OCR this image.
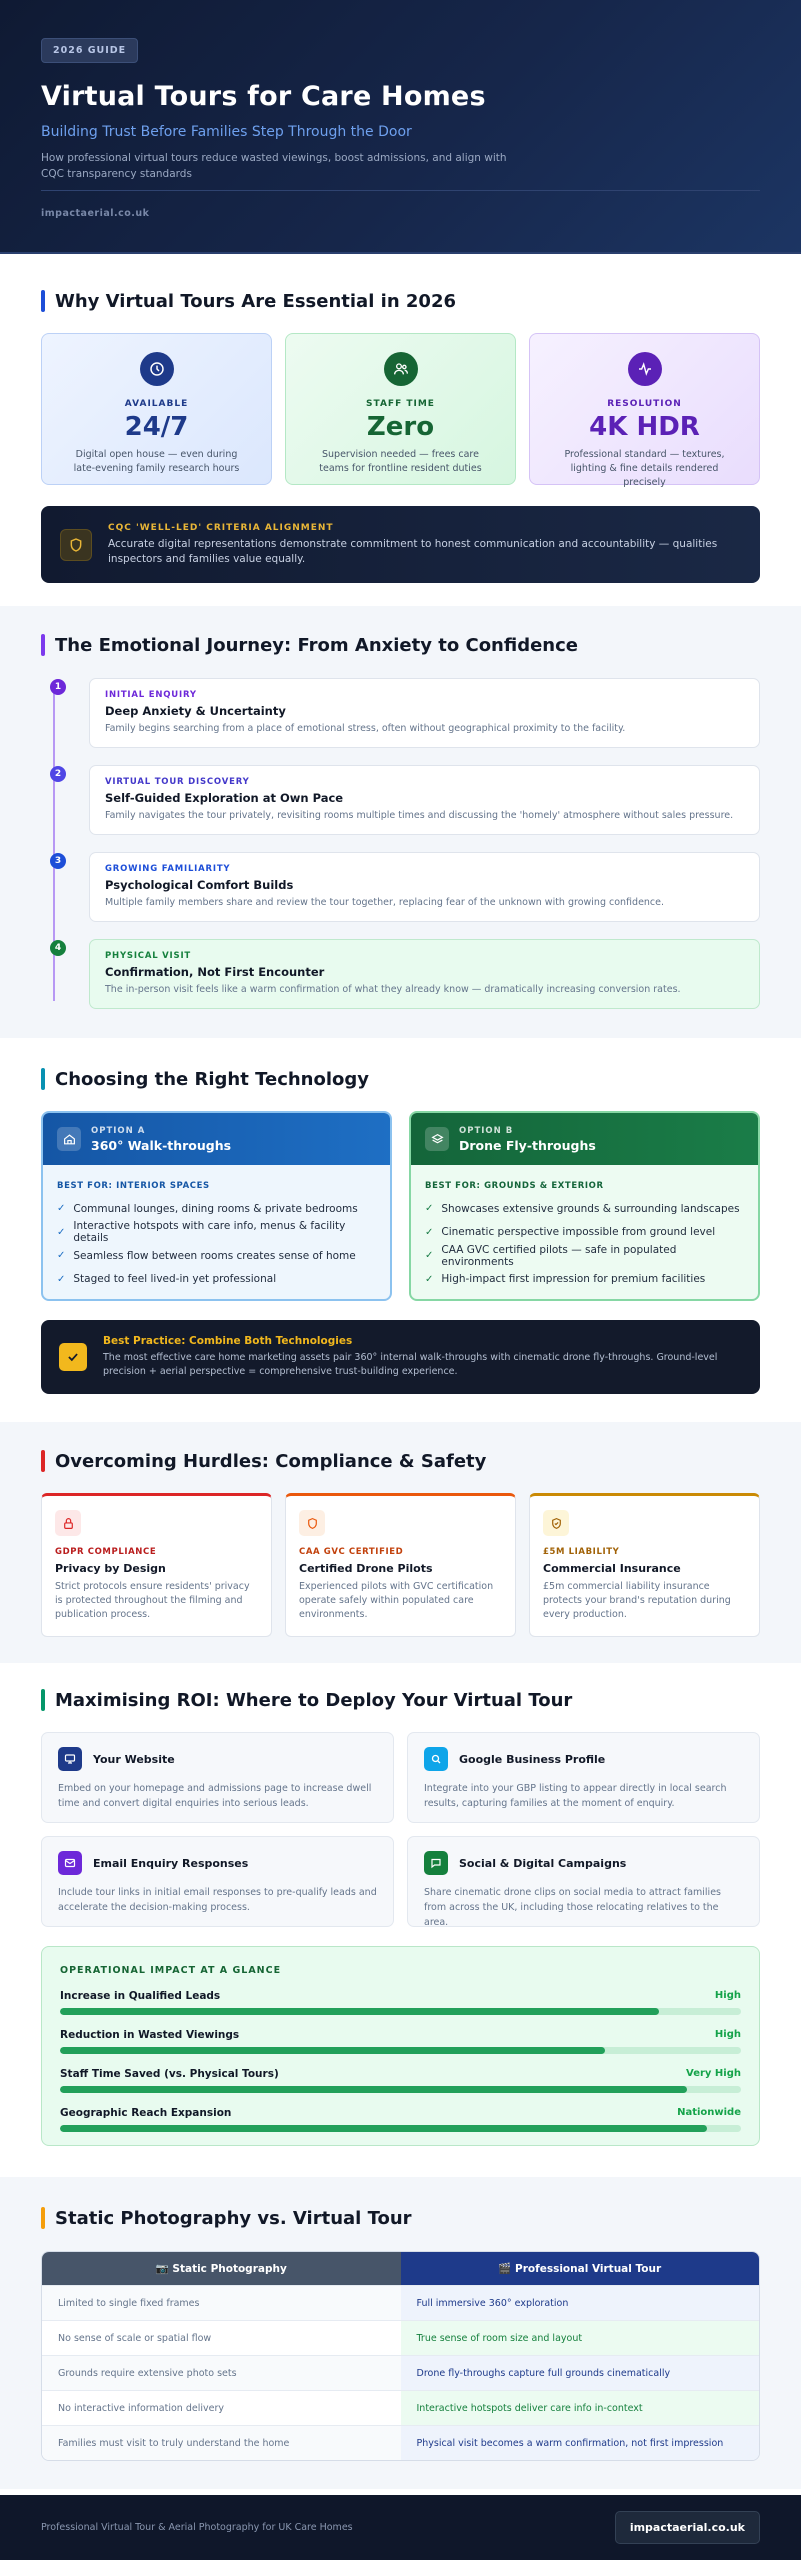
2026 GUIDE
Virtual Tours for Care Homes
Building Trust Before Families Step Through the Door
How professional virtual tours reduce wasted viewings, boost admissions, and align with CQC transparency standards
impactaerial.co.uk
Why Virtual Tours Are Essential in 2026
AVAILABLE
24/7
Digital open house — even during late-evening family research hours
STAFF TIME
Zero
Supervision needed — frees care teams for frontline resident duties
RESOLUTION
4K HDR
Professional standard — textures, lighting & fine details rendered precisely
CQC 'WELL-LED' CRITERIA ALIGNMENT
Accurate digital representations demonstrate commitment to honest communication and accountability — qualities inspectors and families value equally.
The Emotional Journey: From Anxiety to Confidence
1
INITIAL ENQUIRY
Deep Anxiety & Uncertainty
Family begins searching from a place of emotional stress, often without geographical proximity to the facility.
2
VIRTUAL TOUR DISCOVERY
Self-Guided Exploration at Own Pace
Family navigates the tour privately, revisiting rooms multiple times and discussing the 'homely' atmosphere without sales pressure.
3
GROWING FAMILIARITY
Psychological Comfort Builds
Multiple family members share and review the tour together, replacing fear of the unknown with growing confidence.
4
PHYSICAL VISIT
Confirmation, Not First Encounter
The in-person visit feels like a warm confirmation of what they already know — dramatically increasing conversion rates.
Choosing the Right Technology
OPTION A
360° Walk-throughs
BEST FOR: INTERIOR SPACES
✓ Communal lounges, dining rooms & private bedrooms
✓ Interactive hotspots with care info, menus & facility details
✓ Seamless flow between rooms creates sense of home
✓ Staged to feel lived-in yet professional
OPTION B
Drone Fly-throughs
BEST FOR: GROUNDS & EXTERIOR
✓ Showcases extensive grounds & surrounding landscapes
✓ Cinematic perspective impossible from ground level
✓ CAA GVC certified pilots — safe in populated environments
✓ High-impact first impression for premium facilities
Best Practice: Combine Both Technologies
The most effective care home marketing assets pair 360° internal walk-throughs with cinematic drone fly-throughs. Ground-level precision + aerial perspective = comprehensive trust-building experience.
Overcoming Hurdles: Compliance & Safety
GDPR COMPLIANCE
Privacy by Design
Strict protocols ensure residents' privacy is protected throughout the filming and publication process.
CAA GVC CERTIFIED
Certified Drone Pilots
Experienced pilots with GVC certification operate safely within populated care environments.
£5M LIABILITY
Commercial Insurance
£5m commercial liability insurance protects your brand's reputation during every production.
Maximising ROI: Where to Deploy Your Virtual Tour
Your Website
Embed on your homepage and admissions page to increase dwell time and convert digital enquiries into serious leads.
Google Business Profile
Integrate into your GBP listing to appear directly in local search results, capturing families at the moment of enquiry.
Email Enquiry Responses
Include tour links in initial email responses to pre-qualify leads and accelerate the decision-making process.
Social & Digital Campaigns
Share cinematic drone clips on social media to attract families from across the UK, including those relocating relatives to the area.
OPERATIONAL IMPACT AT A GLANCE
Increase in Qualified Leads	High
Reduction in Wasted Viewings	High
Staff Time Saved (vs. Physical Tours)	Very High
Geographic Reach Expansion	Nationwide
Static Photography vs. Virtual Tour
📷 Static Photography	🎬 Professional Virtual Tour
Limited to single fixed frames	Full immersive 360° exploration
No sense of scale or spatial flow	True sense of room size and layout
Grounds require extensive photo sets	Drone fly-throughs capture full grounds cinematically
No interactive information delivery	Interactive hotspots deliver care info in-context
Families must visit to truly understand the home	Physical visit becomes a warm confirmation, not first impression
Professional Virtual Tour & Aerial Photography for UK Care Homes	impactaerial.co.uk
